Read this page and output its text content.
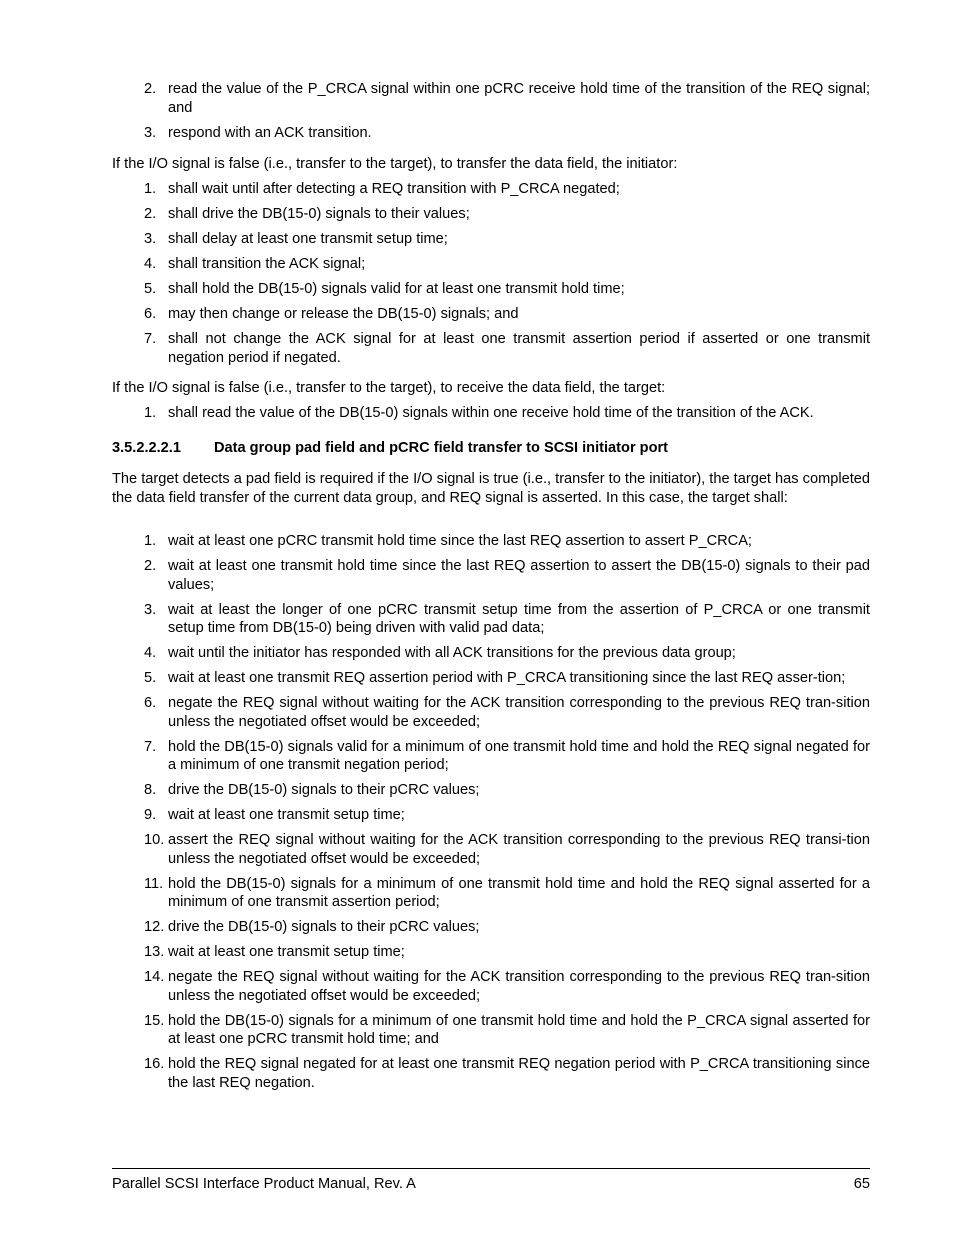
2. read the value of the P_CRCA signal within one pCRC receive hold time of the transition of the REQ signal; and
3. respond with an ACK transition.
If the I/O signal is false (i.e., transfer to the target), to transfer the data field, the initiator:
1. shall wait until after detecting a REQ transition with P_CRCA negated;
2. shall drive the DB(15-0) signals to their values;
3. shall delay at least one transmit setup time;
4. shall transition the ACK signal;
5. shall hold the DB(15-0) signals valid for at least one transmit hold time;
6. may then change or release the DB(15-0) signals; and
7. shall not change the ACK signal for at least one transmit assertion period if asserted or one transmit negation period if negated.
If the I/O signal is false (i.e., transfer to the target), to receive the data field, the target:
1. shall read the value of the DB(15-0) signals within one receive hold time of the transition of the ACK.
3.5.2.2.2.1 Data group pad field and pCRC field transfer to SCSI initiator port
The target detects a pad field is required if the I/O signal is true (i.e., transfer to the initiator), the target has completed the data field transfer of the current data group, and REQ signal is asserted. In this case, the target shall:
1. wait at least one pCRC transmit hold time since the last REQ assertion to assert P_CRCA;
2. wait at least one transmit hold time since the last REQ assertion to assert the DB(15-0) signals to their pad values;
3. wait at least the longer of one pCRC transmit setup time from the assertion of P_CRCA or one transmit setup time from DB(15-0) being driven with valid pad data;
4. wait until the initiator has responded with all ACK transitions for the previous data group;
5. wait at least one transmit REQ assertion period with P_CRCA transitioning since the last REQ asser-tion;
6. negate the REQ signal without waiting for the ACK transition corresponding to the previous REQ tran-sition unless the negotiated offset would be exceeded;
7. hold the DB(15-0) signals valid for a minimum of one transmit hold time and hold the REQ signal negated for a minimum of one transmit negation period;
8. drive the DB(15-0) signals to their pCRC values;
9. wait at least one transmit setup time;
10. assert the REQ signal without waiting for the ACK transition corresponding to the previous REQ transi-tion unless the negotiated offset would be exceeded;
11. hold the DB(15-0) signals for a minimum of one transmit hold time and hold the REQ signal asserted for a minimum of one transmit assertion period;
12. drive the DB(15-0) signals to their pCRC values;
13. wait at least one transmit setup time;
14. negate the REQ signal without waiting for the ACK transition corresponding to the previous REQ tran-sition unless the negotiated offset would be exceeded;
15. hold the DB(15-0) signals for a minimum of one transmit hold time and hold the P_CRCA signal asserted for at least one pCRC transmit hold time; and
16. hold the REQ signal negated for at least one transmit REQ negation period with P_CRCA transitioning since the last REQ negation.
Parallel SCSI Interface Product Manual, Rev. A	65
